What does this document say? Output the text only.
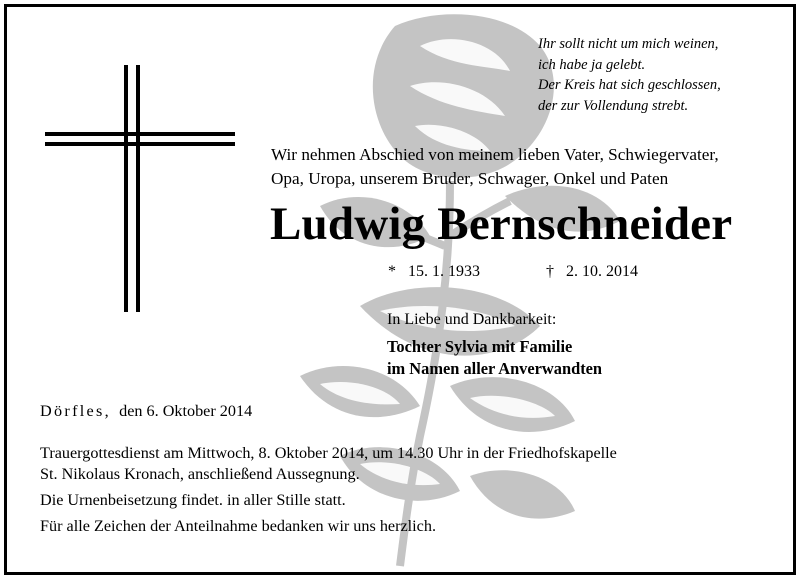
Ihr sollt nicht um mich weinen,
ich habe ja gelebt.
Der Kreis hat sich geschlossen,
der zur Vollendung strebt.
Wir nehmen Abschied von meinem lieben Vater, Schwiegervater,
Opa, Uropa, unserem Bruder, Schwager, Onkel und Paten
Ludwig Bernschneider
* 15. 1. 1933	† 2. 10. 2014
In Liebe und Dankbarkeit:
Tochter Sylvia mit Familie
im Namen aller Anverwandten
Dörfles, den 6. Oktober 2014

Trauergottesdienst am Mittwoch, 8. Oktober 2014, um 14.30 Uhr in der Friedhofskapelle

St. Nikolaus Kronach, anschließend Aussegnung.

Die Urnenbeisetzung findet. in aller Stille statt.

Für alle Zeichen der Anteilnahme bedanken wir uns herzlich.
